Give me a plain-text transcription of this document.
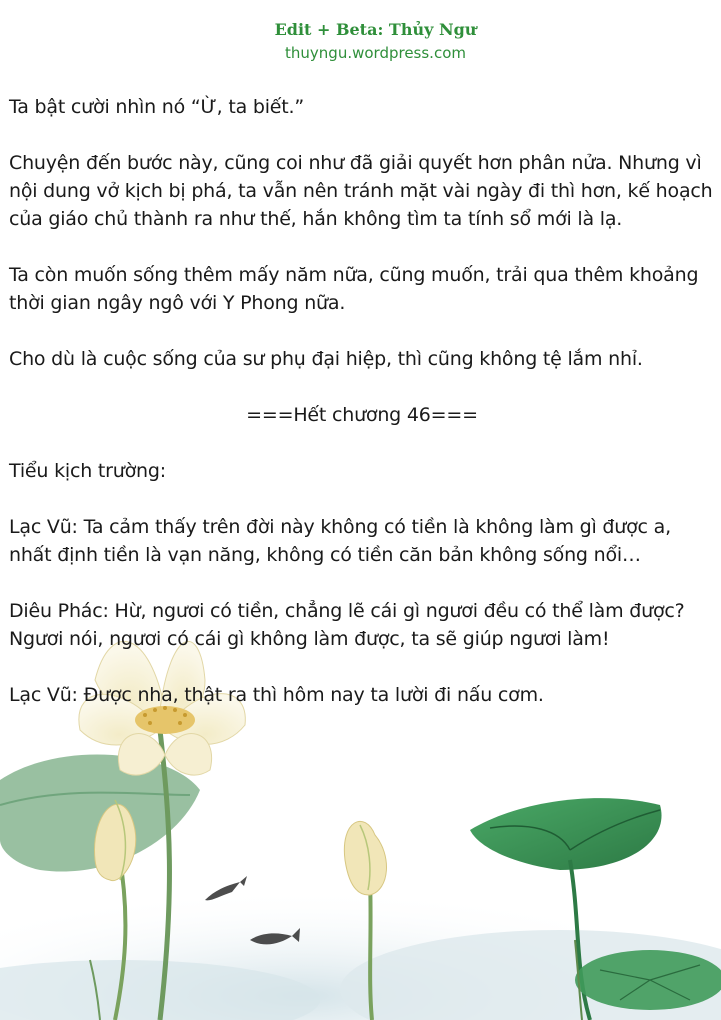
Edit + Beta: Thủy Ngư
thuyngu.wordpress.com

Ta bật cười nhìn nó “Ừ, ta biết.”

Chuyện đến bước này, cũng coi như đã giải quyết hơn phân nửa. Nhưng vì nội dung vở kịch bị phá, ta vẫn nên tránh mặt vài ngày đi thì hơn, kế hoạch của giáo chủ thành ra như thế, hắn không tìm ta tính sổ mới là lạ.

Ta còn muốn sống thêm mấy năm nữa, cũng muốn, trải qua thêm khoảng thời gian ngây ngô với Y Phong nữa.

Cho dù là cuộc sống của sư phụ đại hiệp, thì cũng không tệ lắm nhỉ.

===Hết chương 46===

Tiểu kịch trường:

Lạc Vũ: Ta cảm thấy trên đời này không có tiền là không làm gì được a, nhất định tiền là vạn năng, không có tiền căn bản không sống nổi…

Diêu Phác: Hừ, ngươi có tiền, chẳng lẽ cái gì ngươi đều có thể làm được? Ngươi nói, ngươi có cái gì không làm được, ta sẽ giúp ngươi làm!

Lạc Vũ: Được nha, thật ra thì hôm nay ta lười đi nấu cơm.
